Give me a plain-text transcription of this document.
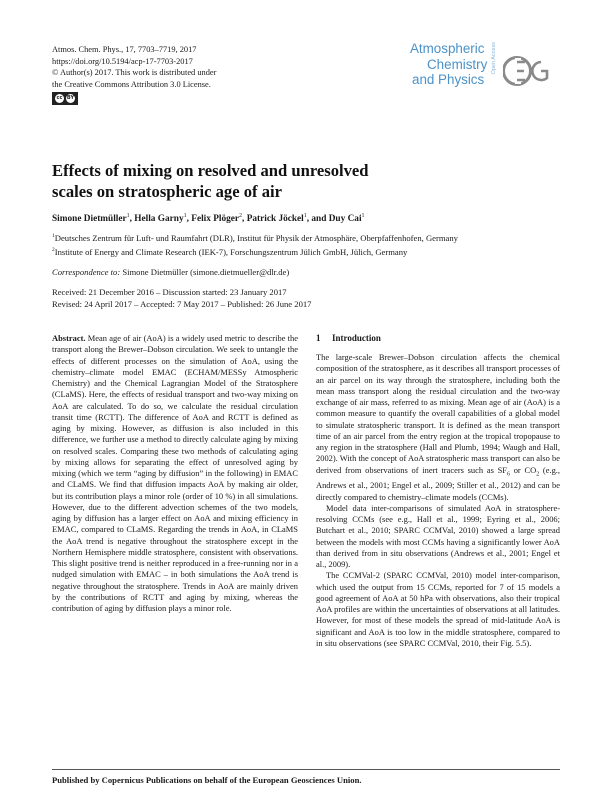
Atmos. Chem. Phys., 17, 7703–7719, 2017
https://doi.org/10.5194/acp-17-7703-2017
© Author(s) 2017. This work is distributed under
the Creative Commons Attribution 3.0 License.
cc BY
Atmospheric
Chemistry
and Physics
Open Access
Effects of mixing on resolved and unresolved
scales on stratospheric age of air
Simone Dietmüller$^1$, Hella Garny$^1$, Felix Plöger$^2$, Patrick Jöckel$^1$, and Duy Cai$^1$
$^1$Deutsches Zentrum für Luft- und Raumfahrt (DLR), Institut für Physik der Atmosphäre, Oberpfaffenhofen, Germany
$^2$Institute of Energy and Climate Research (IEK-7), Forschungszentrum Jülich GmbH, Jülich, Germany
Correspondence to: Simone Dietmüller (simone.dietmueller@dlr.de)
Received: 21 December 2016 – Discussion started: 23 January 2017
Revised: 24 April 2017 – Accepted: 7 May 2017 – Published: 26 June 2017

Abstract. Mean age of air (AoA) is a widely used metric to describe the transport along the Brewer–Dobson circulation. We seek to untangle the effects of different processes on the simulation of AoA, using the chemistry–climate model EMAC (ECHAM/MESSy Atmospheric Chemistry) and the Chemical Lagrangian Model of the Stratosphere (CLaMS). Here, the effects of residual transport and two-way mixing on AoA are calculated. To do so, we calculate the residual circulation transit time (RCTT). The difference of AoA and RCTT is defined as aging by mixing. However, as diffusion is also included in this difference, we further use a method to directly calculate aging by mixing on resolved scales. Comparing these two methods of calculating aging by mixing allows for separating the effect of unresolved aging by mixing (which we term “aging by diffusion” in the following) in EMAC and CLaMS. We find that diffusion impacts AoA by making air older, but its contribution plays a minor role (order of 10 %) in all simulations. However, due to the different advection schemes of the two models, aging by diffusion has a larger effect on AoA and mixing efficiency in EMAC, compared to CLaMS. Regarding the trends in AoA, in CLaMS the AoA trend is negative throughout the stratosphere except in the Northern Hemisphere middle stratosphere, consistent with observations. This slight positive trend is neither reproduced in a free-running nor in a nudged simulation with EMAC – in both simulations the AoA trend is negative throughout the stratosphere. Trends in AoA are mainly driven by the contributions of RCTT and aging by mixing, whereas the contribution of aging by diffusion plays a minor role.

1 Introduction

The large-scale Brewer–Dobson circulation affects the chemical composition of the stratosphere, as it describes all transport processes of an air parcel on its way through the stratosphere, including both the mean mass transport along the residual circulation and the two-way exchange of air mass, referred to as mixing. Mean age of air (AoA) is a common measure to quantify the overall capabilities of a global model to simulate stratospheric transport. It is defined as the mean transport time of an air parcel from the entry region at the tropical tropopause to any region in the stratosphere (Hall and Plumb, 1994; Waugh and Hall, 2002). With the concept of AoA stratospheric mass transport can also be derived from observations of inert tracers such as $SF_6$ or $CO_2$ (e.g., Andrews et al., 2001; Engel et al., 2009; Stiller et al., 2012) and can be directly compared to chemistry–climate models (CCMs).

Model data inter-comparisons of simulated AoA in stratosphere-resolving CCMs (see e.g., Hall et al., 1999; Eyring et al., 2006; Butchart et al., 2010; SPARC CCMVal, 2010) showed a large spread between the models with most CCMs having a significantly lower AoA than derived from in situ observations (Andrews et al., 2001; Engel et al., 2009).

The CCMVal-2 (SPARC CCMVal, 2010) model inter-comparison, which used the output from 15 CCMs, reported for 7 of 15 models a good agreement of AoA at 50 hPa with observations, also their tropical AoA profiles are within the uncertainties of observations at all latitudes. However, for most of these models the spread of mid-latitude AoA is significant and AoA is too low in the middle stratosphere, compared to in situ observations (see SPARC CCMVal, 2010, their Fig. 5.5).

Published by Copernicus Publications on behalf of the European Geosciences Union.
